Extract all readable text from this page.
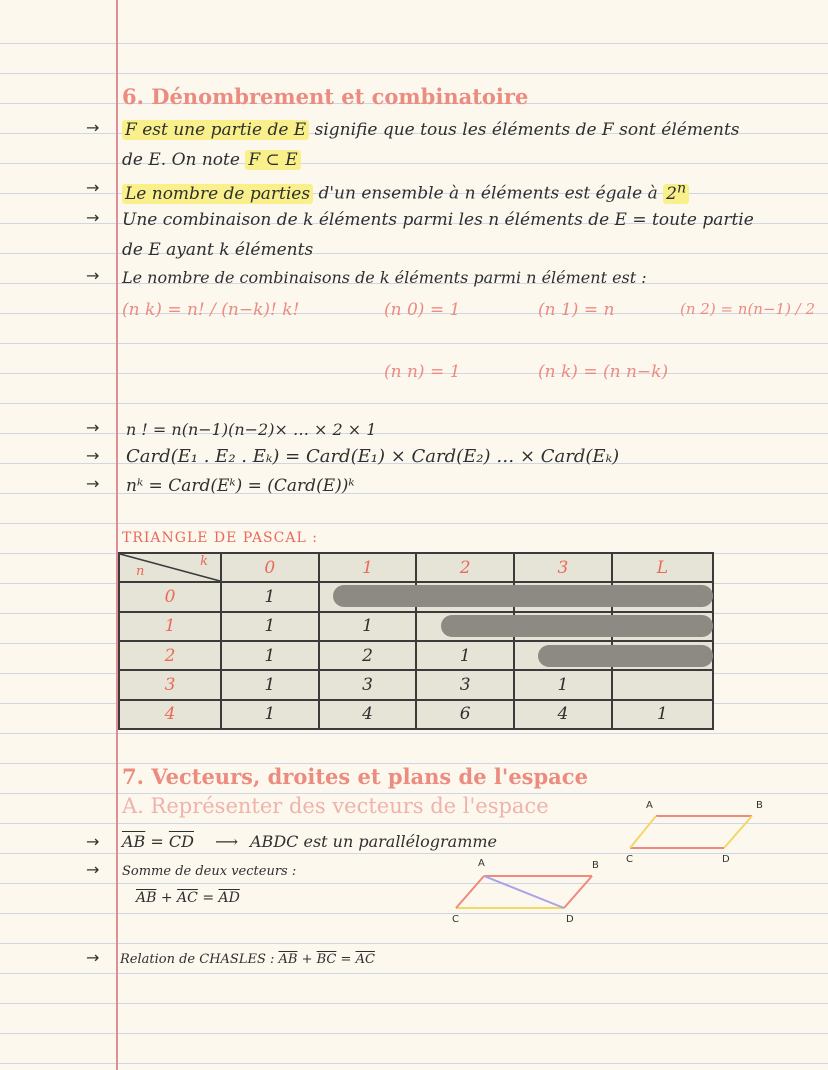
6. Dénombrement et combinatoire
→ F est une partie de E signifie que tous les éléments de F sont éléments
de E. On note F ⊂ E
→ Le nombre de parties d'un ensemble à n éléments est égale à $2^n$
→ Une combinaison de k éléments parmi les n éléments de E = toute partie
de E ayant k éléments
→ Le nombre de combinaisons de k éléments parmi n élément est :
(n k) = n! / (n−k)! k!	(n 0) = 1	(n 1) = n	(n 2) = n(n−1) / 2
(n n) = 1	(n k) = (n n−k)
→ n ! = n(n−1)(n−2)× … × 2 × 1
→ Card(E₁ . E₂ . Eₖ) = Card(E₁) × Card(E₂) … × Card(Eₖ)
→ nᵏ = Card(Eᵏ) = (Card(E))ᵏ
TRIANGLE DE PASCAL :
n
k	0	1	2	3	L
0	1				
1	1	1			
2	1	2	1		
3	1	3	3	1	
4	1	4	6	4	1
7. Vecteurs, droites et plans de l'espace
A. Représenter des vecteurs de l'espace
→ $\overline{AB} = \overline{CD}$ ⟶ ABDC est un parallélogramme
→ Somme de deux vecteurs :
$\overline{AB} + \overline{AC} = \overline{AD}$
→ Relation de CHASLES : $\overline{AB} + \overline{BC} = \overline{AC}$
A	B
C	D
A	B
C	D
